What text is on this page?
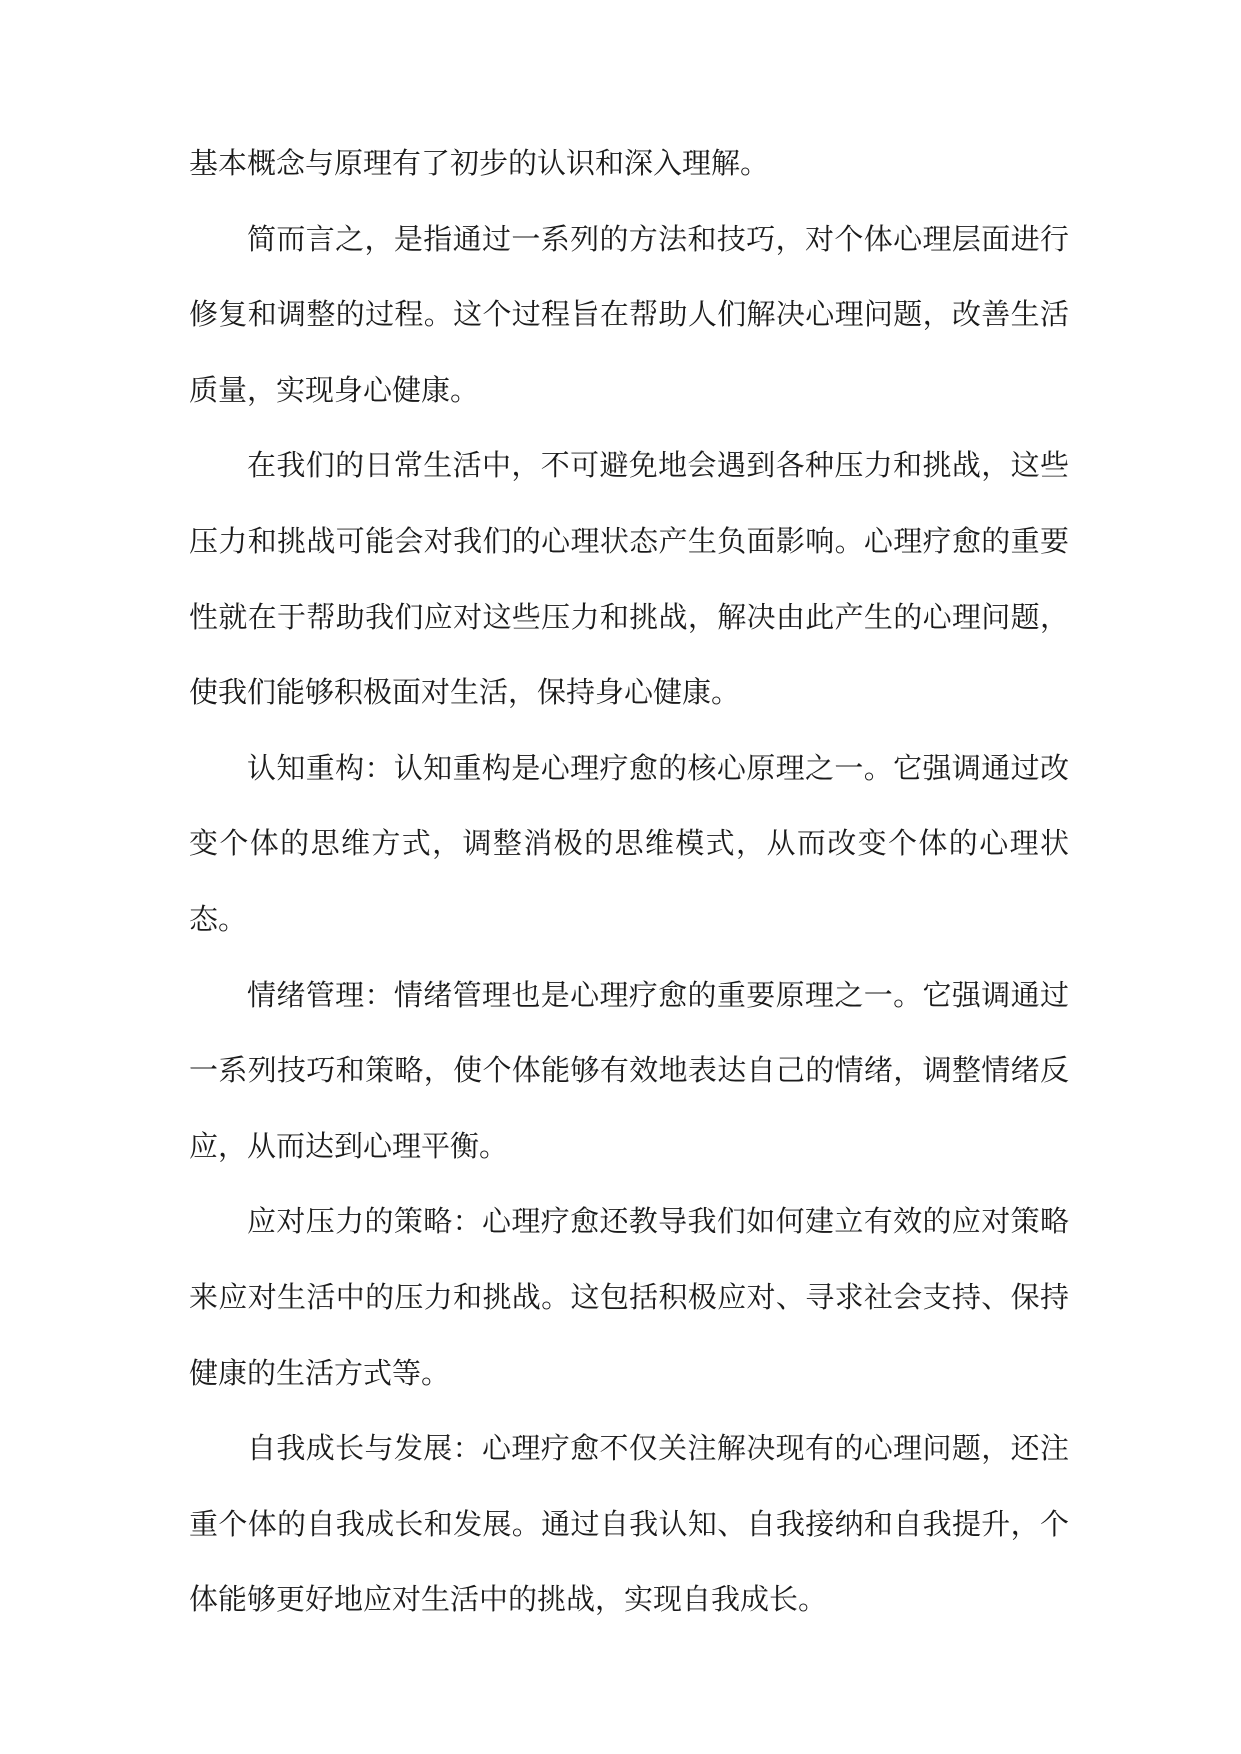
基本概念与原理有了初步的认识和深入理解。

简而言之，是指通过一系列的方法和技巧，对个体心理层面进行修复和调整的过程。这个过程旨在帮助人们解决心理问题，改善生活质量，实现身心健康。

在我们的日常生活中，不可避免地会遇到各种压力和挑战，这些压力和挑战可能会对我们的心理状态产生负面影响。心理疗愈的重要性就在于帮助我们应对这些压力和挑战，解决由此产生的心理问题，使我们能够积极面对生活，保持身心健康。

认知重构：认知重构是心理疗愈的核心原理之一。它强调通过改变个体的思维方式，调整消极的思维模式，从而改变个体的心理状态。

情绪管理：情绪管理也是心理疗愈的重要原理之一。它强调通过一系列技巧和策略，使个体能够有效地表达自己的情绪，调整情绪反应，从而达到心理平衡。

应对压力的策略：心理疗愈还教导我们如何建立有效的应对策略来应对生活中的压力和挑战。这包括积极应对、寻求社会支持、保持健康的生活方式等。

自我成长与发展：心理疗愈不仅关注解决现有的心理问题，还注重个体的自我成长和发展。通过自我认知、自我接纳和自我提升，个体能够更好地应对生活中的挑战，实现自我成长。
